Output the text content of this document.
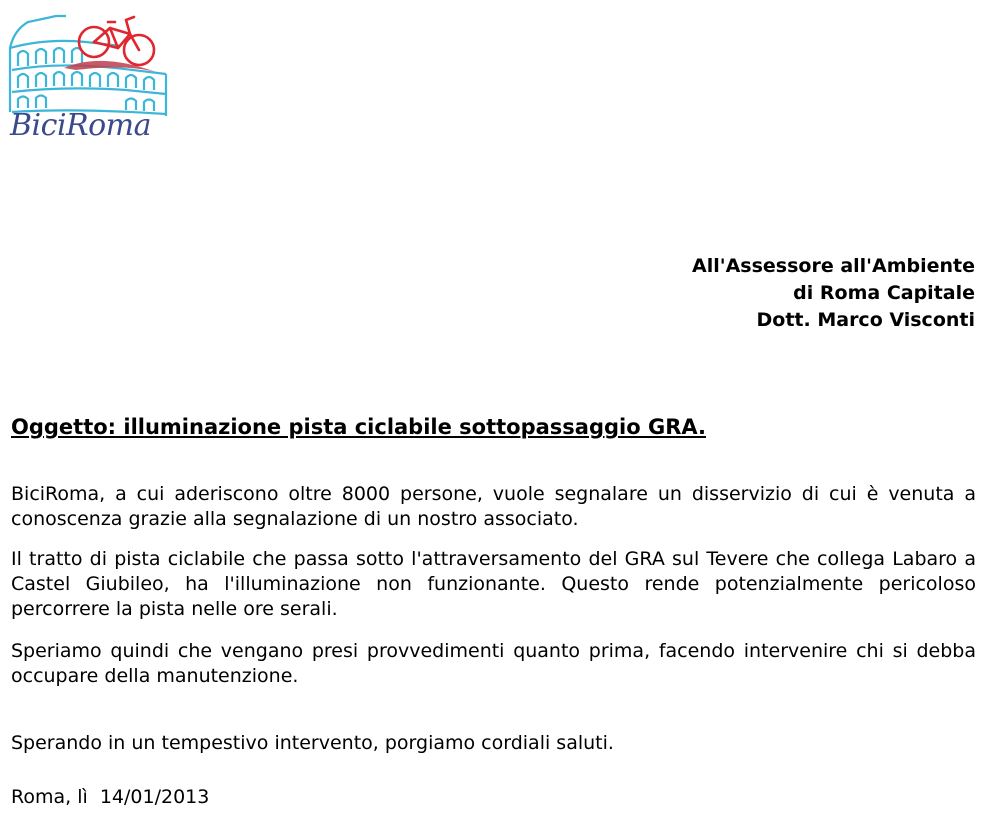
BiciRoma
All'Assessore all'Ambiente
di Roma Capitale
Dott. Marco Visconti
Oggetto: illuminazione pista ciclabile sottopassaggio GRA.
BiciRoma, a cui aderiscono oltre 8000 persone, vuole segnalare un disservizio di cui è venuta a conoscenza grazie alla segnalazione di un nostro associato.
Il tratto di pista ciclabile che passa sotto l'attraversamento del GRA sul Tevere che collega Labaro a Castel Giubileo, ha l'illuminazione non funzionante. Questo rende potenzialmente pericoloso percorrere la pista nelle ore serali.
Speriamo quindi che vengano presi provvedimenti quanto prima, facendo intervenire chi si debba occupare della manutenzione.
Sperando in un tempestivo intervento, porgiamo cordiali saluti.
Roma, lì  14/01/2013
